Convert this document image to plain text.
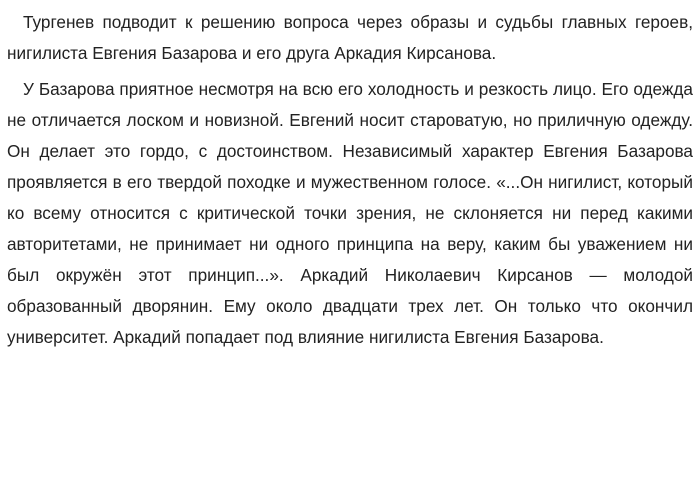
Тургенев подводит к решению вопроса через образы и судьбы главных героев, нигилиста Евгения Базарова и его друга Аркадия Кирсанова.

У Базарова приятное несмотря на всю его холодность и резкость лицо. Его одежда не отличается лоском и новизной. Евгений носит староватую, но приличную одежду. Он делает это гордо, с достоинством. Независимый характер Евгения Базарова проявляется в его твердой походке и мужественном голосе. «...Он нигилист, который ко всему относится с критической точки зрения, не склоняется ни перед какими авторитетами, не принимает ни одного принципа на веру, каким бы уважением ни был окружён этот принцип...». Аркадий Николаевич Кирсанов — молодой образованный дворянин. Ему около двадцати трех лет. Он только что окончил университет. Аркадий попадает под влияние нигилиста Евгения Базарова.
